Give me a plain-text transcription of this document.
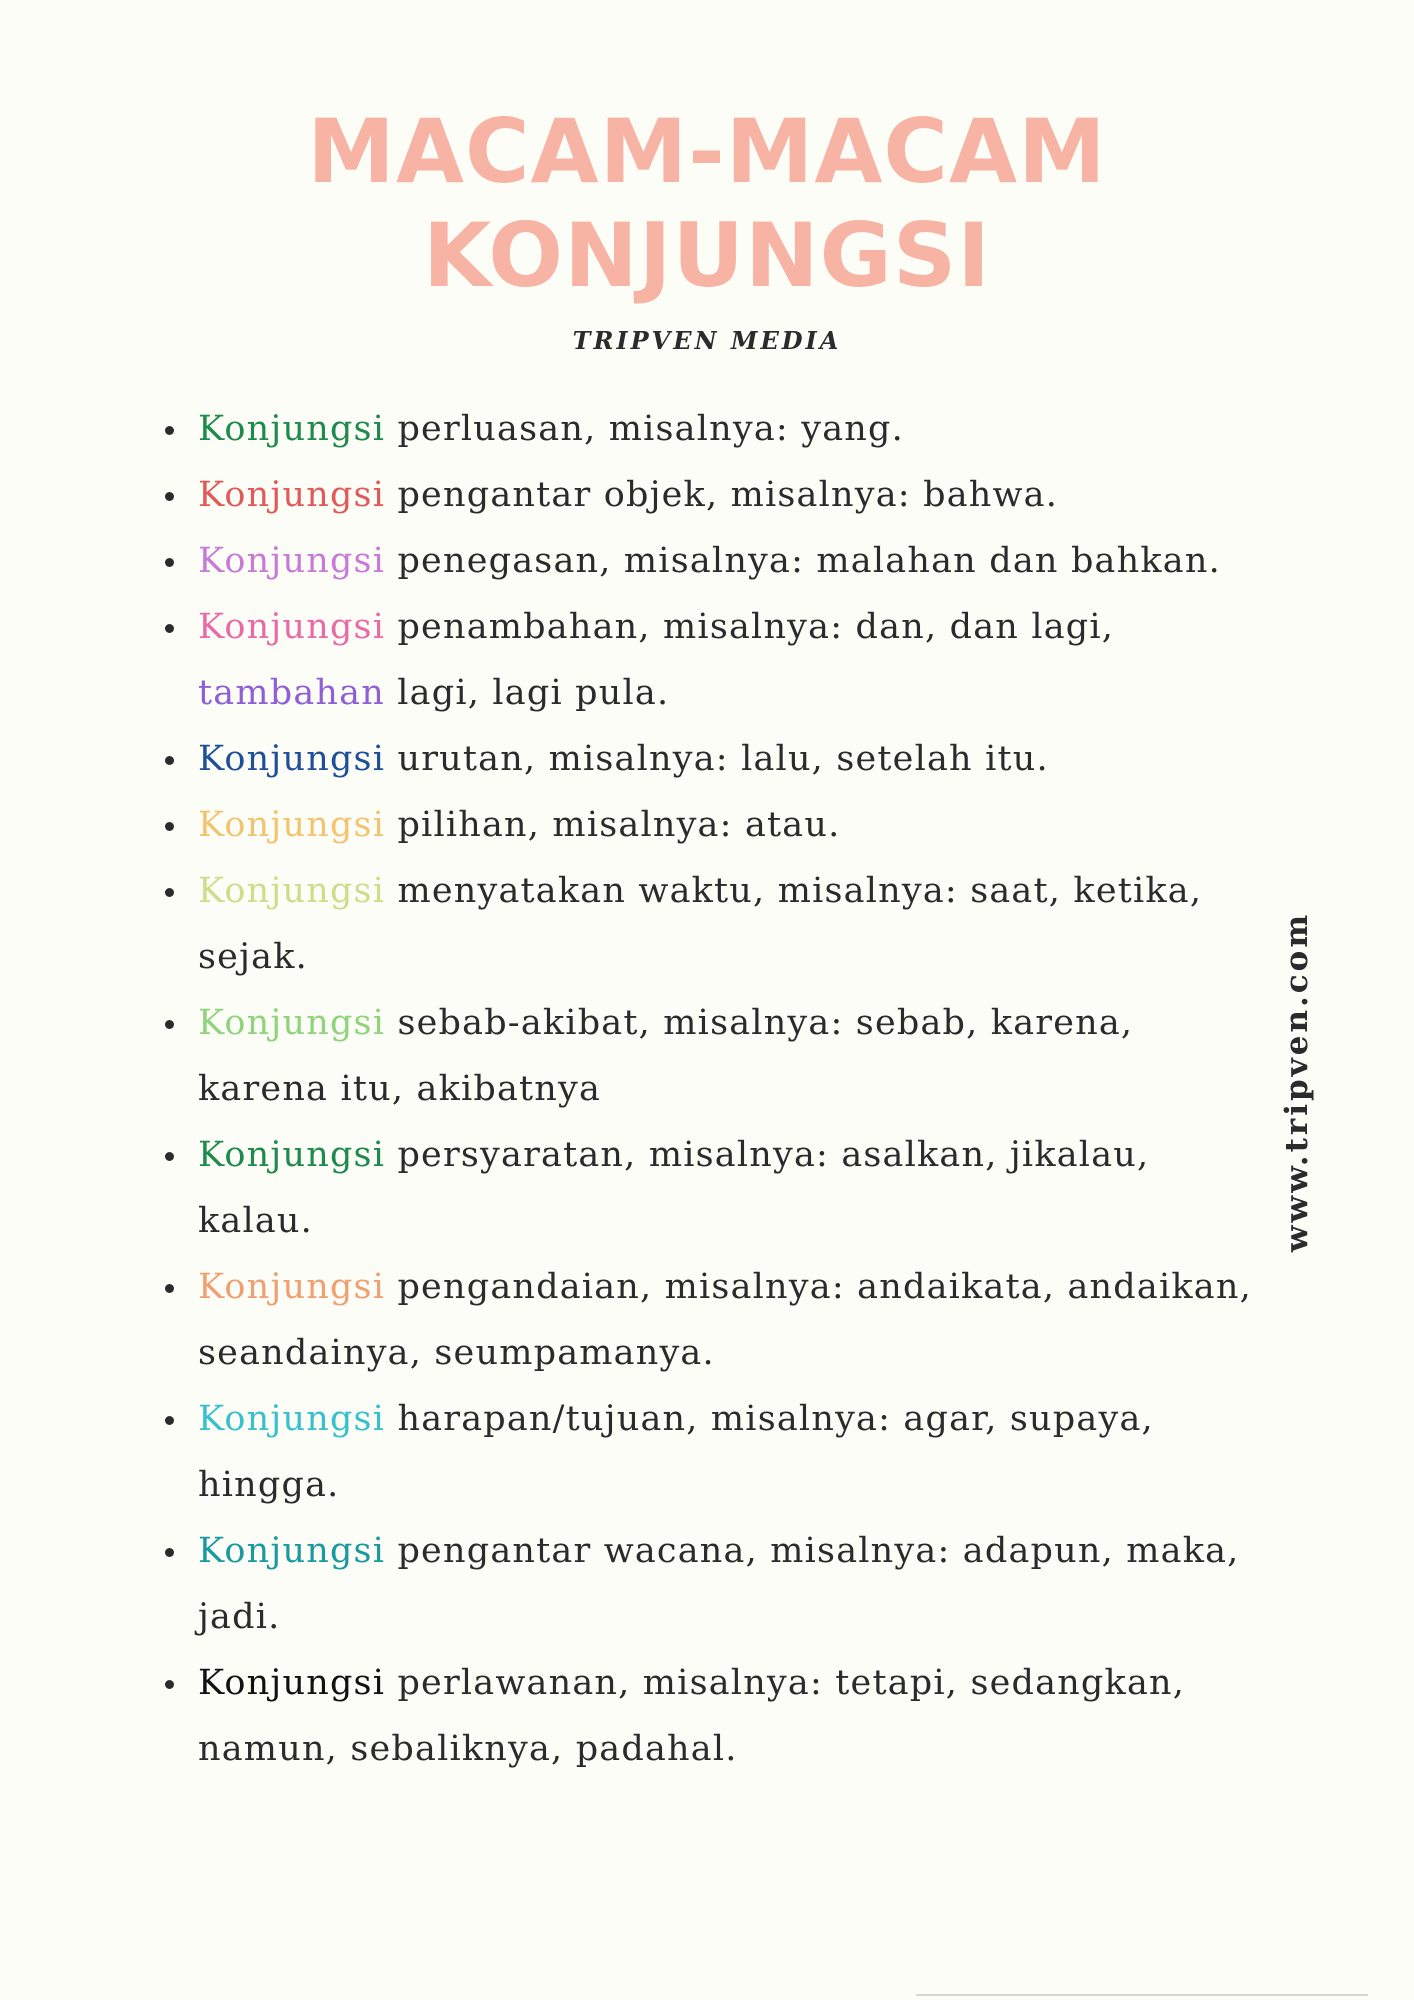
MACAM-MACAM
KONJUNGSI
TRIPVEN MEDIA
Konjungsi perluasan, misalnya: yang.
Konjungsi pengantar objek, misalnya: bahwa.
Konjungsi penegasan, misalnya: malahan dan bahkan.
Konjungsi penambahan, misalnya: dan, dan lagi,
tambahan lagi, lagi pula.
Konjungsi urutan, misalnya: lalu, setelah itu.
Konjungsi pilihan, misalnya: atau.
Konjungsi menyatakan waktu, misalnya: saat, ketika, sejak.
Konjungsi sebab-akibat, misalnya: sebab, karena, karena itu, akibatnya
Konjungsi persyaratan, misalnya: asalkan, jikalau, kalau.
Konjungsi pengandaian, misalnya: andaikata, andaikan, seandainya, seumpamanya.
Konjungsi harapan/tujuan, misalnya: agar, supaya, hingga.
Konjungsi pengantar wacana, misalnya: adapun, maka, jadi.
Konjungsi perlawanan, misalnya: tetapi, sedangkan, namun, sebaliknya, padahal.
www.tripven.com
